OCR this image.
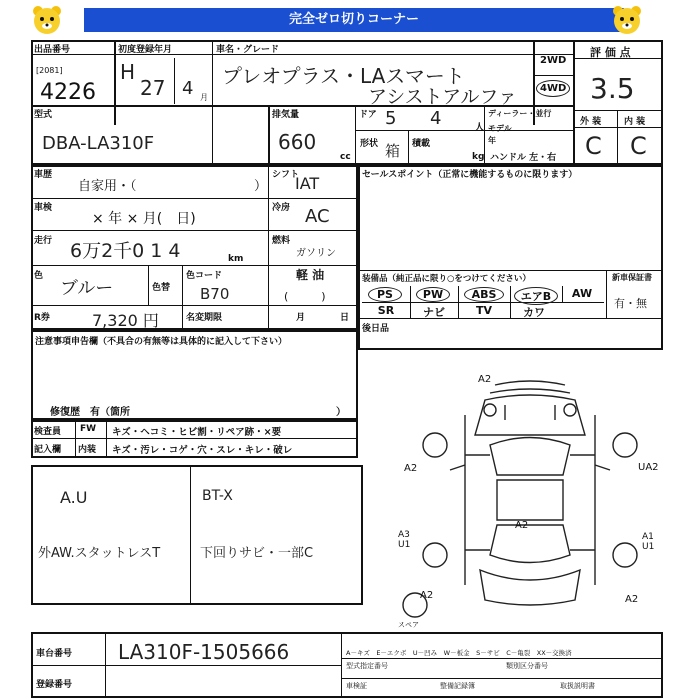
完全ゼロ切りコーナー
出品番号	初度登録年月	車名・グレード
2WD
4WD
評 価 点
[2081]
4226
H
27 4 月
プレオプラス・LAスマート
アシストアルファ	3.5
型式
DBA-LA310F
排気量
660
cc
ドア 5 4	人
形状 箱 積載
kg
ディーラー・並行
モデル
年
ハンドル 左・右
外 装	内 装
C C
車歴
自家用・（	）
シフト
IAT
車検
× 年 × 月(　日)
冷房 AC
走行 6万2千0 1 4	km
燃料
ガソリン
軽 油
(　　　)
色
ブルー	色替
色コード
B70
R券	7,320 円	名変期限	月	日
セールスポイント（正常に機能するものに限ります）
装備品（純正品に限り○をつけてください）	新車保証書
有・無
PS	PW	ABS	エアB	AW
SR	ナビ	TV	カワ
後日品
注意事項申告欄（不具合の有無等は具体的に記入して下さい）
修復歴　有（箇所	）
検査員
記入欄
FW
内装
キズ・ヘコミ・ヒビ割・リペア跡・×要
キズ・汚レ・コゲ・穴・スレ・キレ・破レ
A.U	BT-X
外AW.スタットレスT	下回りサビ・一部C
A2
A2	UA2
A3 U1
A1 U1
A2
A2	A2
スペア
車台番号
登録番号
LA310F-1505666	A－キズ　E－エクボ　U－凹み　W－板金　S－サビ　C－亀裂　XX－交換済
型式指定番号	類別区分番号
車検証	整備記録簿	取扱説明書
